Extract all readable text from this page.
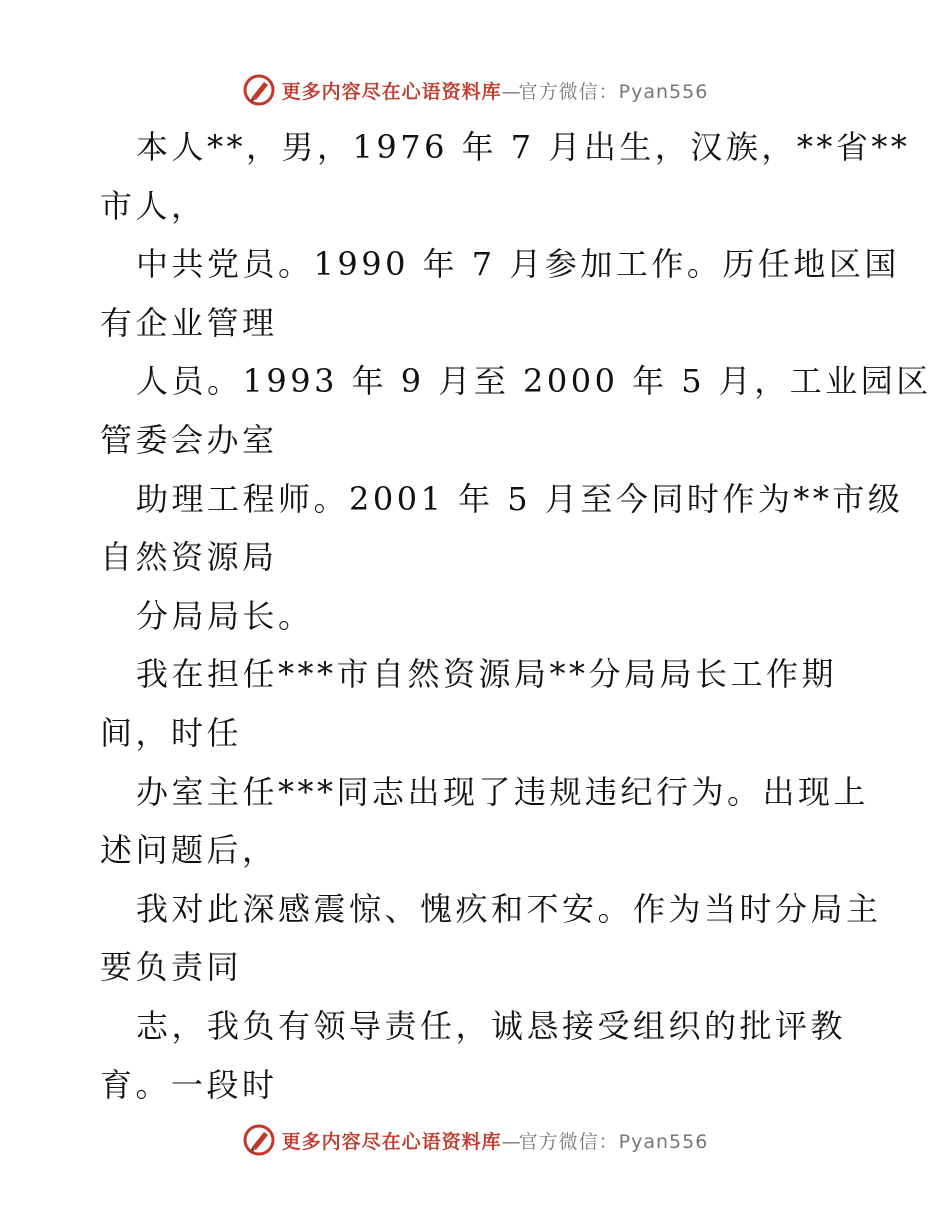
更多内容尽在心语资料库—官方微信：Pyan556
本人**，男，1976 年 7 月出生，汉族，**省**
市人，
中共党员。1990 年 7 月参加工作。历任地区国
有企业管理
人员。1993 年 9 月至 2000 年 5 月，工业园区
管委会办室
助理工程师。2001 年 5 月至今同时作为**市级
自然资源局
分局局长。
我在担任***市自然资源局**分局局长工作期
间，时任
办室主任***同志出现了违规违纪行为。出现上
述问题后，
我对此深感震惊、愧疚和不安。作为当时分局主
要负责同
志，我负有领导责任，诚恳接受组织的批评教
育。一段时
更多内容尽在心语资料库—官方微信：Pyan556
